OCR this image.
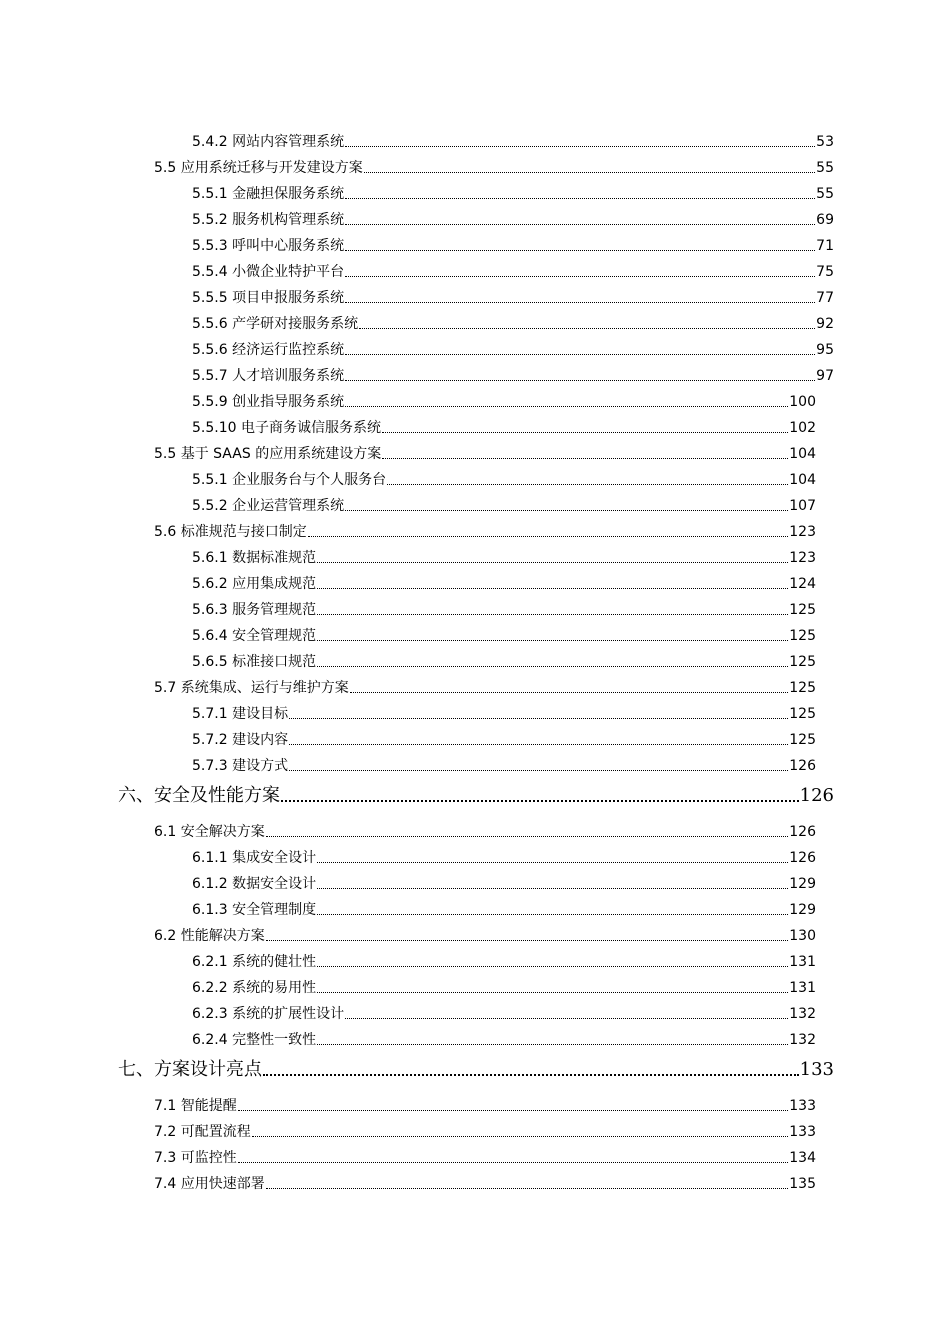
5.4.2 网站内容管理系统	53
5.5 应用系统迁移与开发建设方案	55
5.5.1 金融担保服务系统	55
5.5.2 服务机构管理系统	69
5.5.3 呼叫中心服务系统	71
5.5.4 小微企业特护平台	75
5.5.5 项目申报服务系统	77
5.5.6 产学研对接服务系统	92
5.5.6 经济运行监控系统	95
5.5.7 人才培训服务系统	97
5.5.9 创业指导服务系统	100
5.5.10 电子商务诚信服务系统	102
5.5 基于 SAAS 的应用系统建设方案	104
5.5.1 企业服务台与个人服务台	104
5.5.2 企业运营管理系统	107
5.6 标准规范与接口制定	123
5.6.1 数据标准规范	123
5.6.2 应用集成规范	124
5.6.3 服务管理规范	125
5.6.4 安全管理规范	125
5.6.5 标准接口规范	125
5.7 系统集成、运行与维护方案	125
5.7.1 建设目标	125
5.7.2 建设内容	125
5.7.3 建设方式	126
六、安全及性能方案	126
6.1 安全解决方案	126
6.1.1 集成安全设计	126
6.1.2 数据安全设计	129
6.1.3 安全管理制度	129
6.2 性能解决方案	130
6.2.1 系统的健壮性	131
6.2.2 系统的易用性	131
6.2.3 系统的扩展性设计	132
6.2.4 完整性一致性	132
七、方案设计亮点	133
7.1 智能提醒	133
7.2 可配置流程	133
7.3 可监控性	134
7.4 应用快速部署	135
